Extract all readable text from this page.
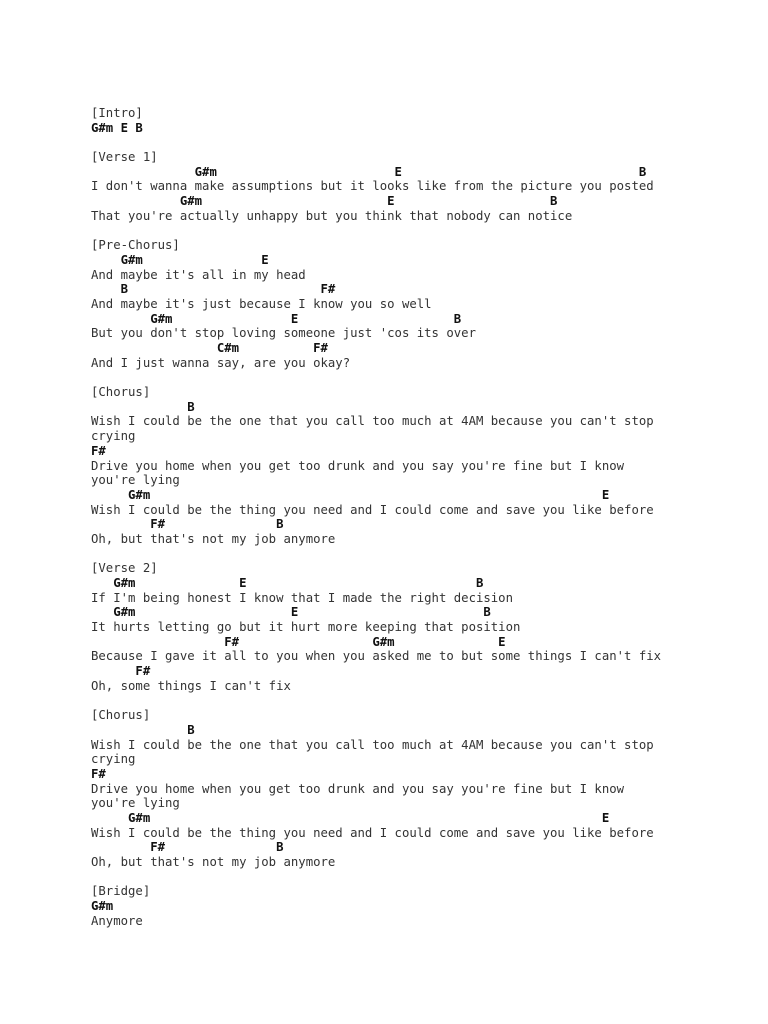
[Intro]
G#m E B
[Verse 1]
G#m                        E                                B
I don't wanna make assumptions but it looks like from the picture you posted
G#m                         E                     B
That you're actually unhappy but you think that nobody can notice
[Pre-Chorus]
G#m                E
And maybe it's all in my head
B                          F#
And maybe it's just because I know you so well
G#m                E                     B
But you don't stop loving someone just 'cos its over
C#m          F#
And I just wanna say, are you okay?
[Chorus]
B
Wish I could be the one that you call too much at 4AM because you can't stop
crying
F#
Drive you home when you get too drunk and you say you're fine but I know
you're lying
G#m                                                             E
Wish I could be the thing you need and I could come and save you like before
F#               B
Oh, but that's not my job anymore
[Verse 2]
G#m              E                               B
If I'm being honest I know that I made the right decision
G#m                     E                         B
It hurts letting go but it hurt more keeping that position
F#                  G#m              E
Because I gave it all to you when you asked me to but some things I can't fix
F#
Oh, some things I can't fix
[Chorus]
B
Wish I could be the one that you call too much at 4AM because you can't stop
crying
F#
Drive you home when you get too drunk and you say you're fine but I know
you're lying
G#m                                                             E
Wish I could be the thing you need and I could come and save you like before
F#               B
Oh, but that's not my job anymore
[Bridge]
G#m
Anymore
